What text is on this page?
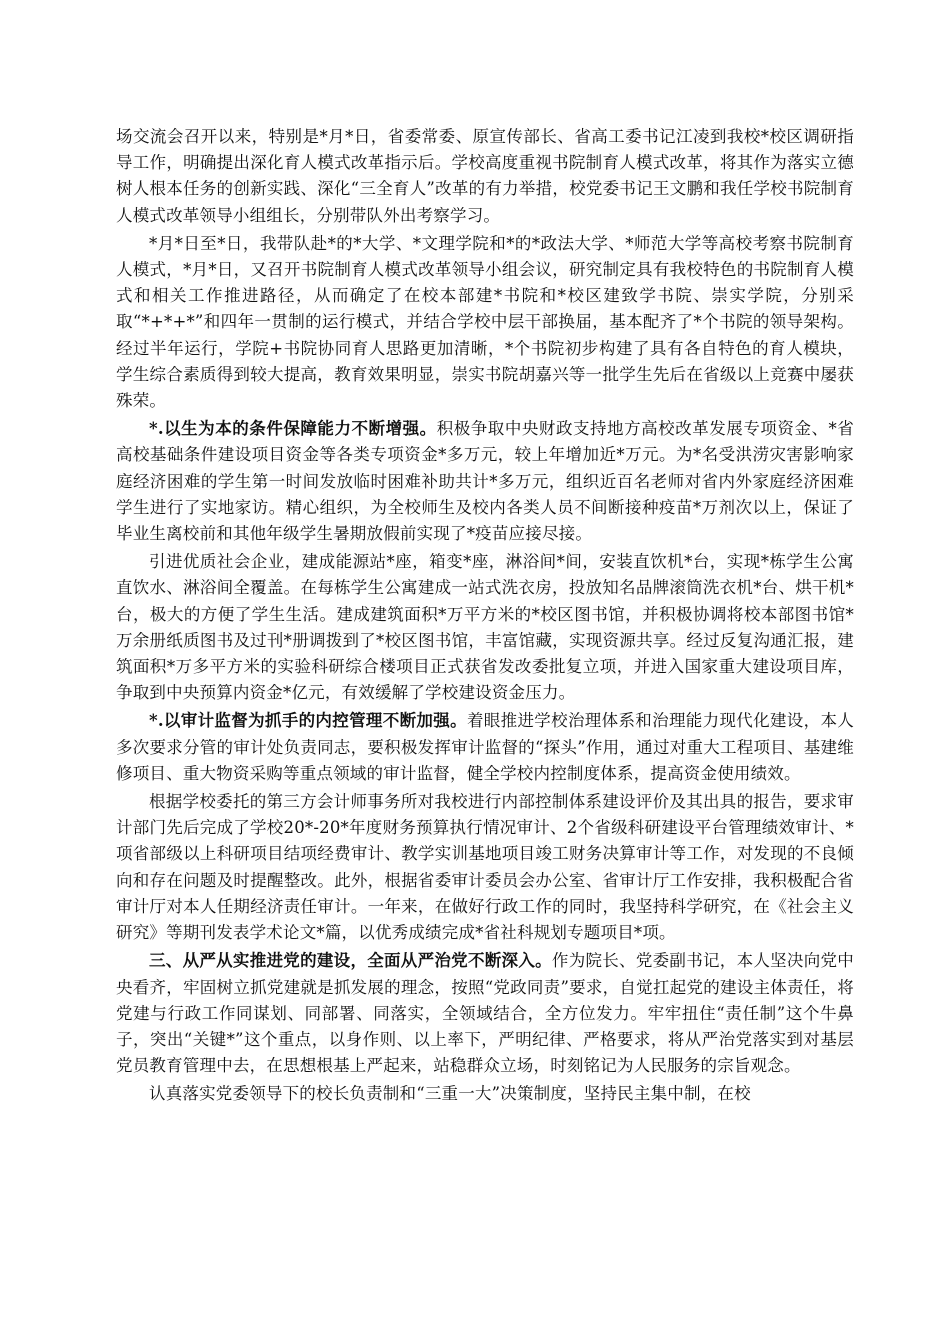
场交流会召开以来，特别是*月*日，省委常委、原宣传部长、省高工委书记江凌到我校*校区调研指导工作，明确提出深化育人模式改革指示后。学校高度重视书院制育人模式改革，将其作为落实立德树人根本任务的创新实践、深化“三全育人”改革的有力举措，校党委书记王文鹏和我任学校书院制育人模式改革领导小组组长，分别带队外出考察学习。

*月*日至*日，我带队赴*的*大学、*文理学院和*的*政法大学、*师范大学等高校考察书院制育人模式，*月*日，又召开书院制育人模式改革领导小组会议，研究制定具有我校特色的书院制育人模式和相关工作推进路径，从而确定了在校本部建*书院和*校区建致学书院、崇实学院，分别采取“*+*+*”和四年一贯制的运行模式，并结合学校中层干部换届，基本配齐了*个书院的领导架构。经过半年运行，学院+书院协同育人思路更加清晰，*个书院初步构建了具有各自特色的育人模块，学生综合素质得到较大提高，教育效果明显，崇实书院胡嘉兴等一批学生先后在省级以上竞赛中屡获殊荣。

*.以生为本的条件保障能力不断增强。积极争取中央财政支持地方高校改革发展专项资金、*省高校基础条件建设项目资金等各类专项资金*多万元，较上年增加近*万元。为*名受洪涝灾害影响家庭经济困难的学生第一时间发放临时困难补助共计*多万元，组织近百名老师对省内外家庭经济困难学生进行了实地家访。精心组织，为全校师生及校内各类人员不间断接种疫苗*万剂次以上，保证了毕业生离校前和其他年级学生暑期放假前实现了*疫苗应接尽接。

引进优质社会企业，建成能源站*座，箱变*座，淋浴间*间，安装直饮机*台，实现*栋学生公寓直饮水、淋浴间全覆盖。在每栋学生公寓建成一站式洗衣房，投放知名品牌滚筒洗衣机*台、烘干机*台，极大的方便了学生生活。建成建筑面积*万平方米的*校区图书馆，并积极协调将校本部图书馆*万余册纸质图书及过刊*册调拨到了*校区图书馆，丰富馆藏，实现资源共享。经过反复沟通汇报，建筑面积*万多平方米的实验科研综合楼项目正式获省发改委批复立项，并进入国家重大建设项目库，争取到中央预算内资金*亿元，有效缓解了学校建设资金压力。

*.以审计监督为抓手的内控管理不断加强。着眼推进学校治理体系和治理能力现代化建设，本人多次要求分管的审计处负责同志，要积极发挥审计监督的“探头”作用，通过对重大工程项目、基建维修项目、重大物资采购等重点领域的审计监督，健全学校内控制度体系，提高资金使用绩效。

根据学校委托的第三方会计师事务所对我校进行内部控制体系建设评价及其出具的报告，要求审计部门先后完成了学校20*-20*年度财务预算执行情况审计、2个省级科研建设平台管理绩效审计、*项省部级以上科研项目结项经费审计、教学实训基地项目竣工财务决算审计等工作，对发现的不良倾向和存在问题及时提醒整改。此外，根据省委审计委员会办公室、省审计厅工作安排，我积极配合省审计厅对本人任期经济责任审计。一年来，在做好行政工作的同时，我坚持科学研究，在《社会主义研究》等期刊发表学术论文*篇，以优秀成绩完成*省社科规划专题项目*项。

三、从严从实推进党的建设，全面从严治党不断深入。作为院长、党委副书记，本人坚决向党中央看齐，牢固树立抓党建就是抓发展的理念，按照“党政同责”要求，自觉扛起党的建设主体责任，将党建与行政工作同谋划、同部署、同落实，全领域结合，全方位发力。牢牢扭住“责任制”这个牛鼻子，突出“关键*”这个重点，以身作则、以上率下，严明纪律、严格要求，将从严治党落实到对基层党员教育管理中去，在思想根基上严起来，站稳群众立场，时刻铭记为人民服务的宗旨观念。

认真落实党委领导下的校长负责制和“三重一大”决策制度，坚持民主集中制，在校
